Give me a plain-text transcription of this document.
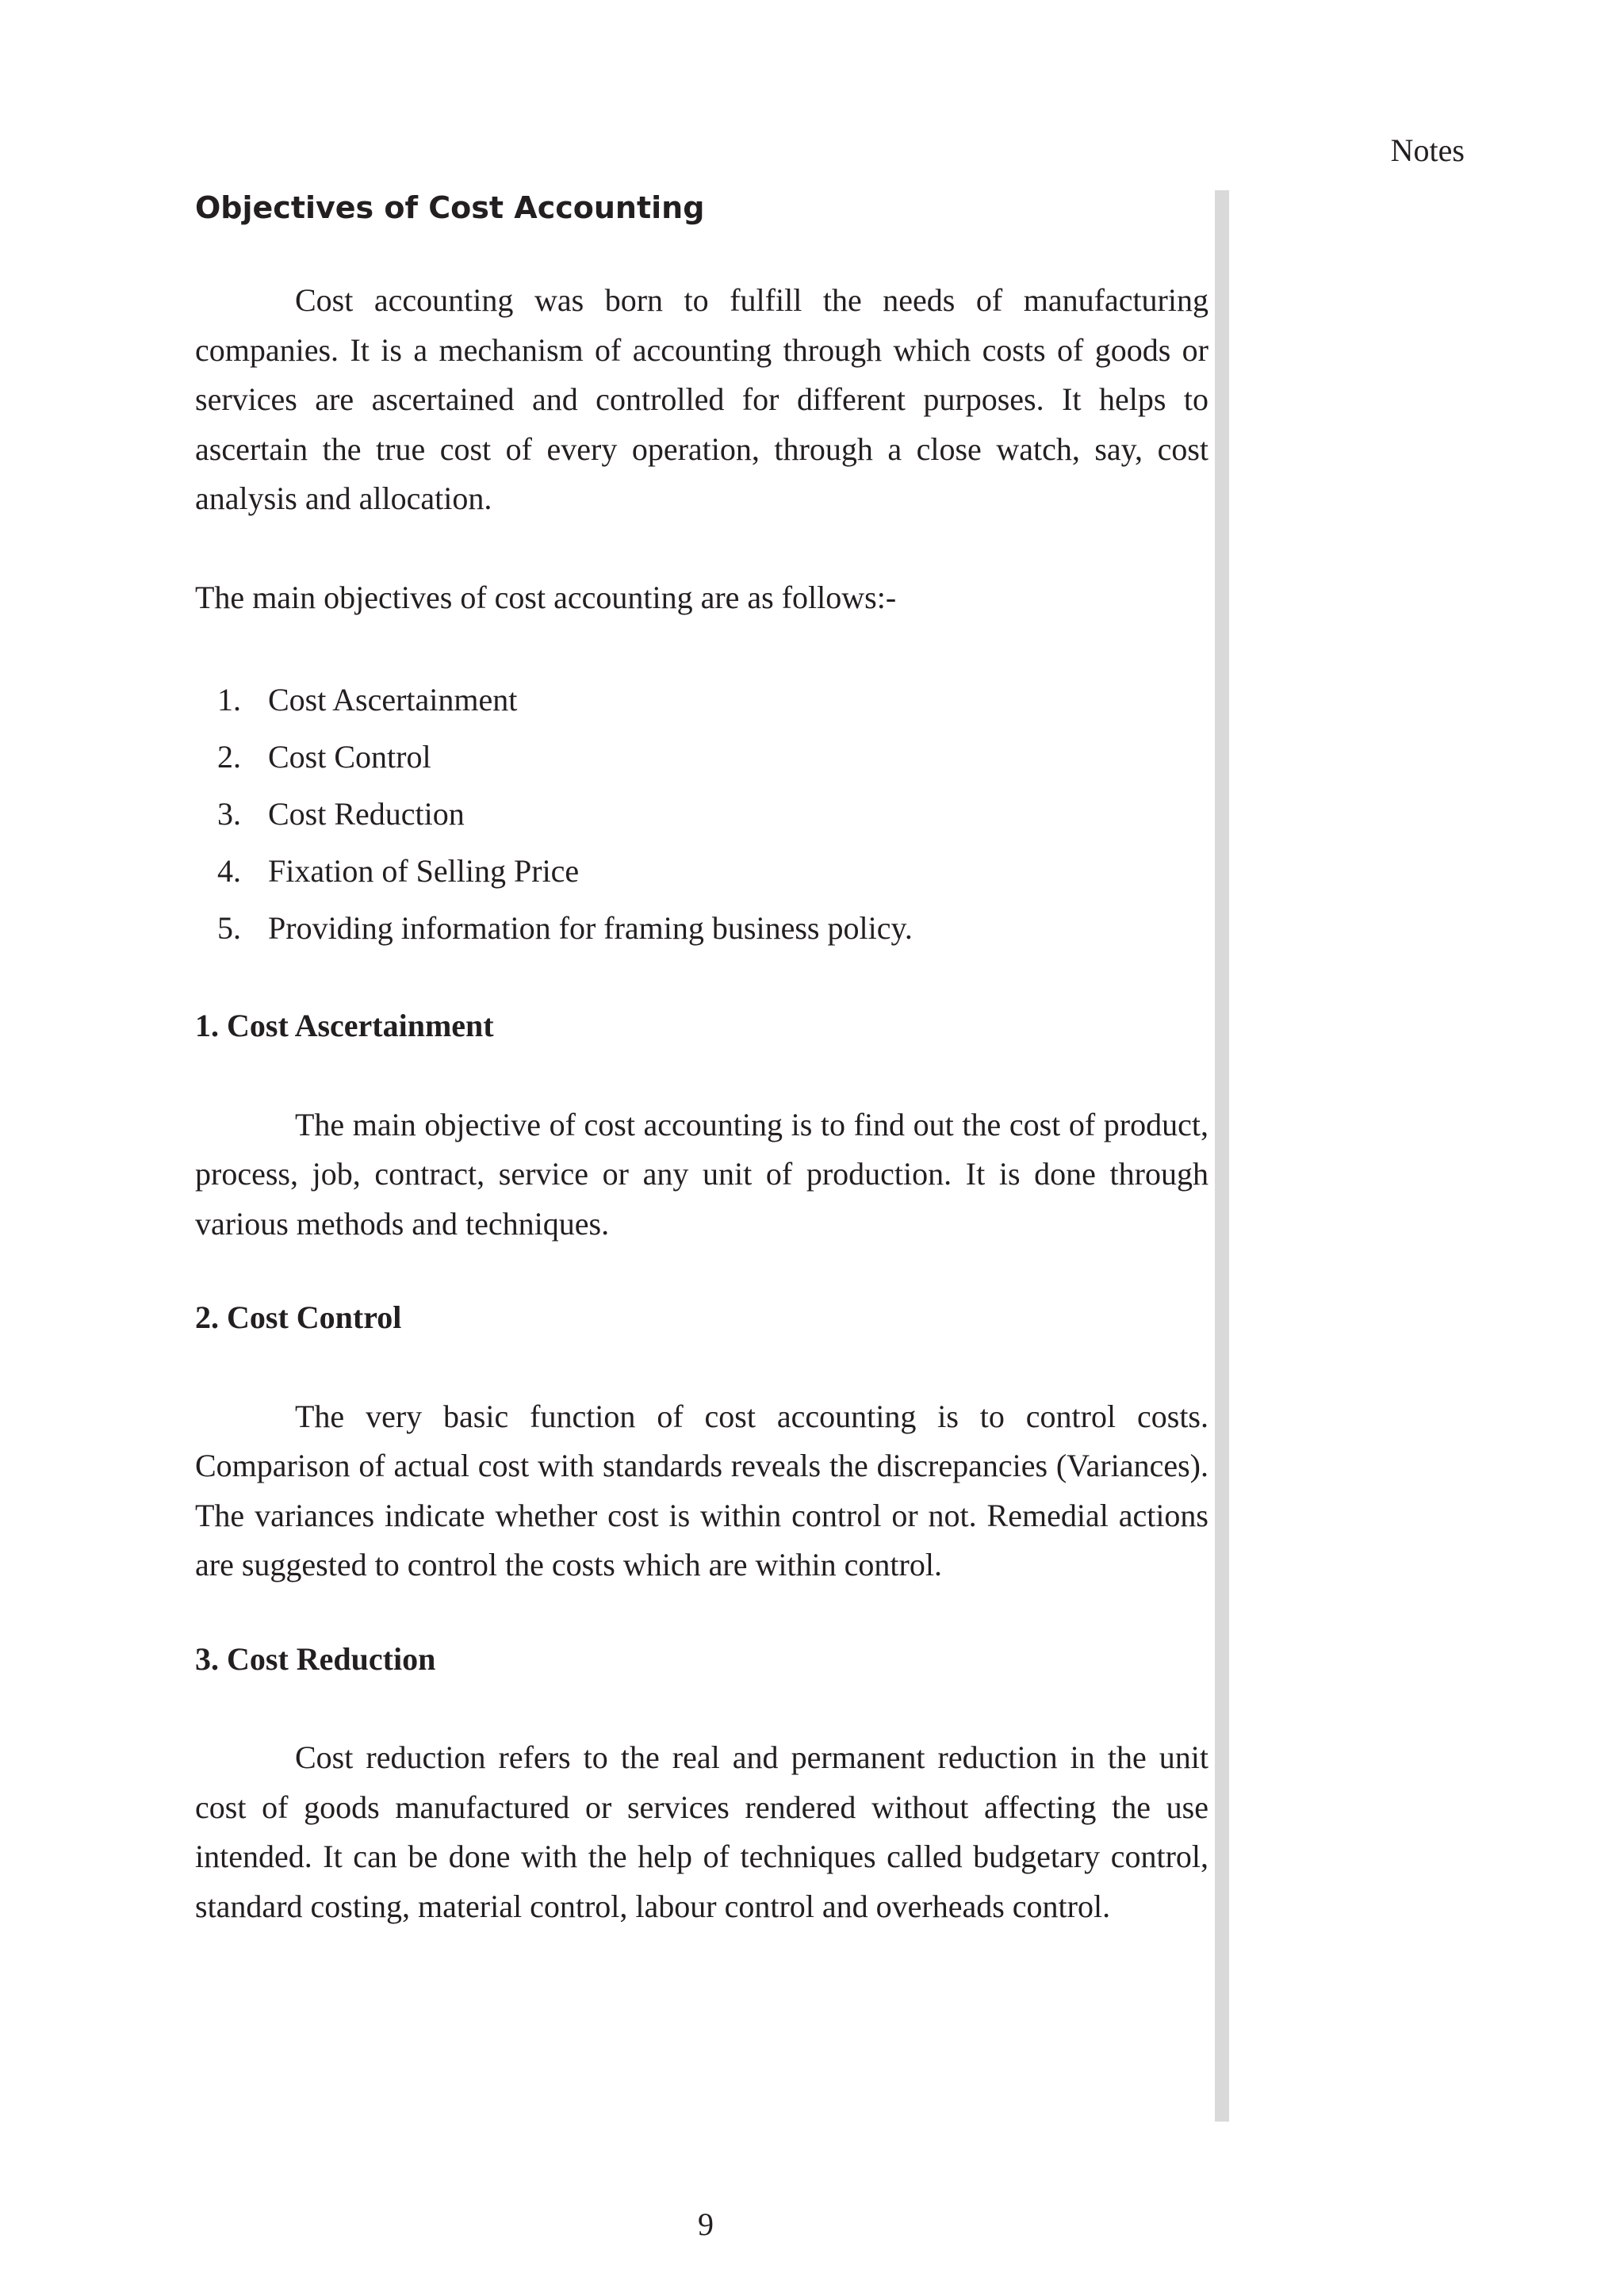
Notes

Objectives of Cost Accounting

Cost accounting was born to fulfill the needs of manufacturing companies. It is a mechanism of accounting through which costs of goods or services are ascertained and controlled for different purposes. It helps to ascertain the true cost of every operation, through a close watch, say, cost analysis and allocation.

The main objectives of cost accounting are as follows:-

1. Cost Ascertainment
2. Cost Control
3. Cost Reduction
4. Fixation of Selling Price
5. Providing information for framing business policy.
1. Cost Ascertainment

The main objective of cost accounting is to find out the cost of product, process, job, contract, service or any unit of production. It is done through various methods and techniques.

2. Cost Control

The very basic function of cost accounting is to control costs. Comparison of actual cost with standards reveals the discrepancies (Variances). The variances indicate whether cost is within control or not. Remedial actions are suggested to control the costs which are within control.

3. Cost Reduction

Cost reduction refers to the real and permanent reduction in the unit cost of goods manufactured or services rendered without affecting the use intended. It can be done with the help of techniques called budgetary control, standard costing, material control, labour control and overheads control.

9
